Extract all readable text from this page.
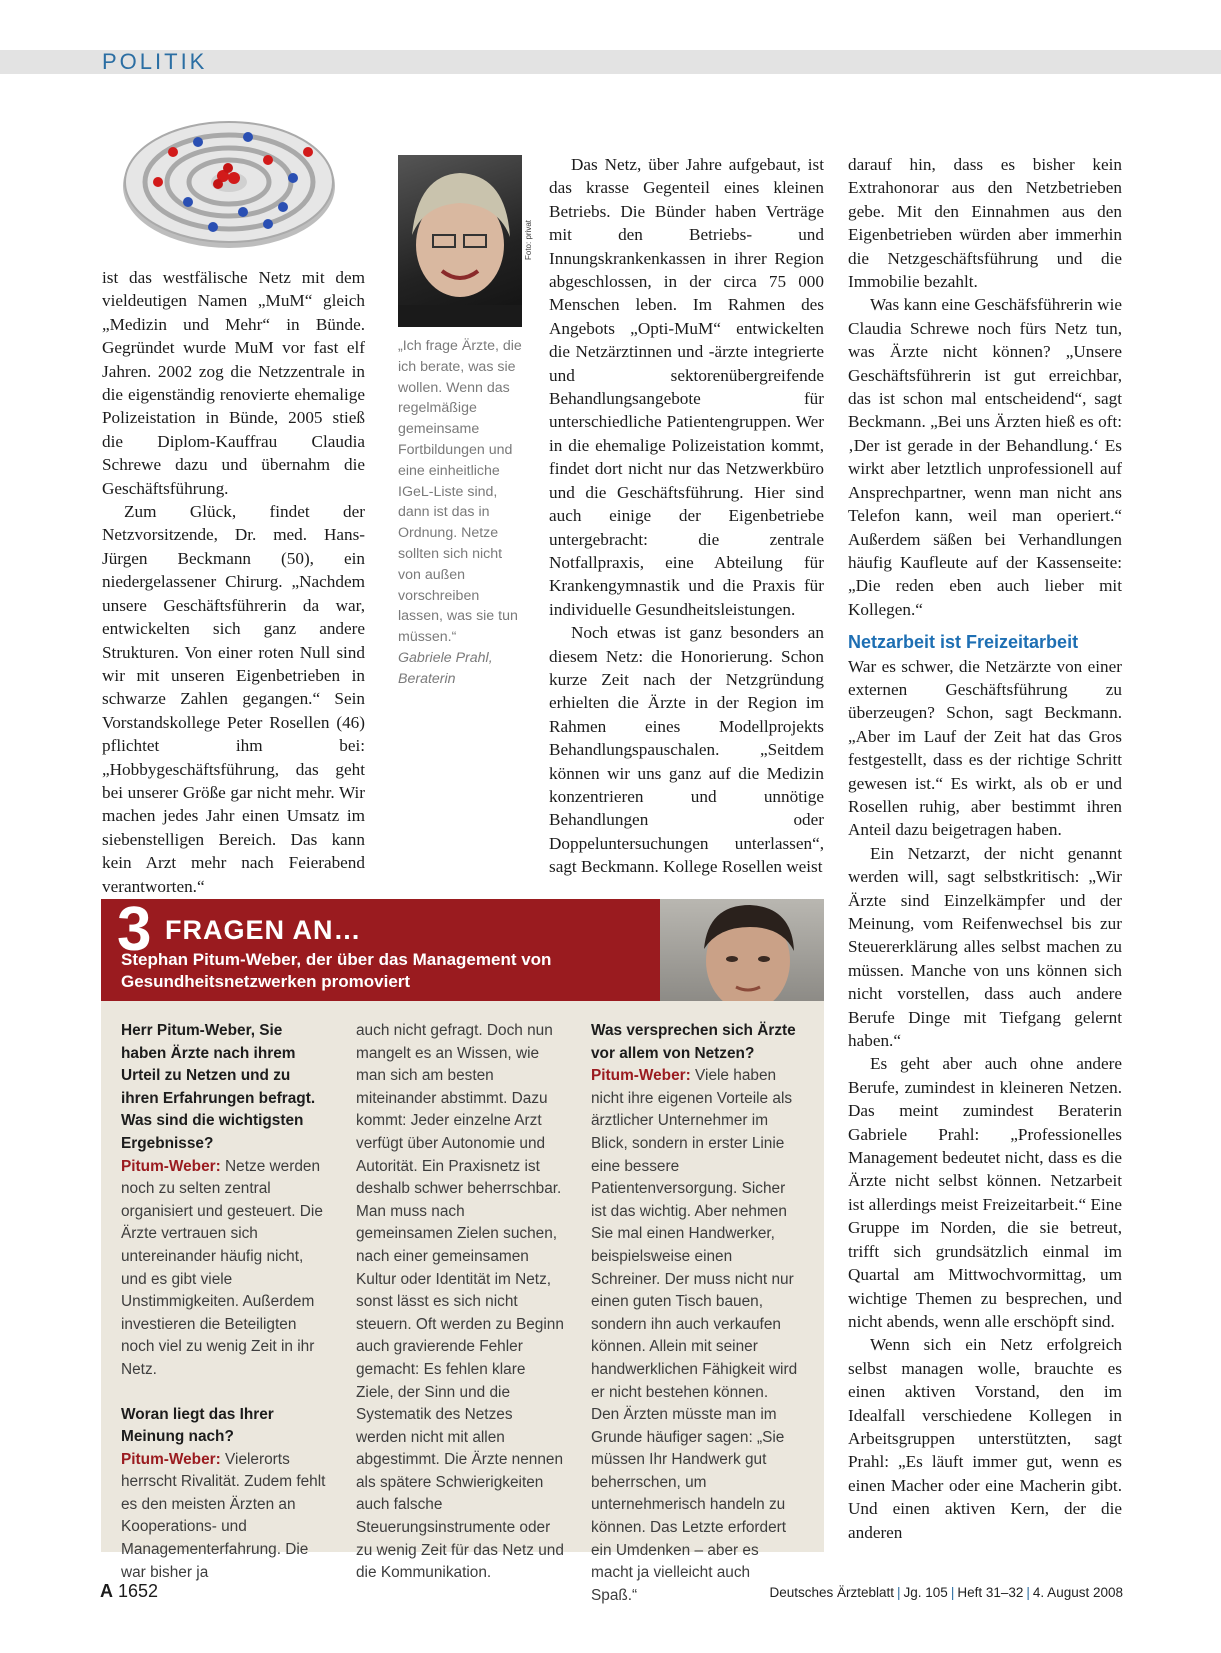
POLITIK

ist das westfälische Netz mit dem vieldeutigen Namen „MuM“ gleich „Medizin und Mehr“ in Bünde. Gegründet wurde MuM vor fast elf Jahren. 2002 zog die Netzzentrale in die eigenständig renovierte ehemalige Polizeistation in Bünde, 2005 stieß die Diplom-Kauffrau Claudia Schrewe dazu und übernahm die Geschäftsführung.

Zum Glück, findet der Netzvorsitzende, Dr. med. Hans-Jürgen Beckmann (50), ein niedergelassener Chirurg. „Nachdem unsere Geschäftsführerin da war, entwickelten sich ganz andere Strukturen. Von einer roten Null sind wir mit unseren Eigenbetrieben in schwarze Zahlen gegangen.“ Sein Vorstandskollege Peter Rosellen (46) pflichtet ihm bei: „Hobbygeschäftsführung, das geht bei unserer Größe gar nicht mehr. Wir machen jedes Jahr einen Umsatz im siebenstelligen Bereich. Das kann kein Arzt mehr nach Feierabend verantworten.“

Foto: privat
„Ich frage Ärzte, die ich berate, was sie wollen. Wenn das regelmäßige gemeinsame Fortbildungen und eine einheitliche IGeL-Liste sind, dann ist das in Ordnung. Netze sollten sich nicht von außen vorschreiben lassen, was sie tun müssen.“
Gabriele Prahl, Beraterin

Das Netz, über Jahre aufgebaut, ist das krasse Gegenteil eines kleinen Betriebs. Die Bünder haben Verträge mit den Betriebs- und Innungskrankenkassen in ihrer Region abgeschlossen, in der circa 75 000 Menschen leben. Im Rahmen des Angebots „Opti-MuM“ entwickelten die Netzärztinnen und -ärzte integrierte und sektorenübergreifende Behandlungsangebote für unterschiedliche Patientengruppen. Wer in die ehemalige Polizeistation kommt, findet dort nicht nur das Netzwerkbüro und die Geschäftsführung. Hier sind auch einige der Eigenbetriebe untergebracht: die zentrale Notfallpraxis, eine Abteilung für Krankengymnastik und die Praxis für individuelle Gesundheitsleistungen.

Noch etwas ist ganz besonders an diesem Netz: die Honorierung. Schon kurze Zeit nach der Netzgründung erhielten die Ärzte in der Region im Rahmen eines Modellprojekts Behandlungspauschalen. „Seitdem können wir uns ganz auf die Medizin konzentrieren und unnötige Behandlungen oder Doppeluntersuchungen unterlassen“, sagt Beckmann. Kollege Rosellen weist

darauf hin, dass es bisher kein Extrahonorar aus den Netzbetrieben gebe. Mit den Einnahmen aus den Eigenbetrieben würden aber immerhin die Netzgeschäftsführung und die Immobilie bezahlt.

Was kann eine Geschäfsführerin wie Claudia Schrewe noch fürs Netz tun, was Ärzte nicht können? „Unsere Geschäftsführerin ist gut erreichbar, das ist schon mal entscheidend“, sagt Beckmann. „Bei uns Ärzten hieß es oft: ‚Der ist gerade in der Behandlung.‘ Es wirkt aber letztlich unprofessionell auf Ansprechpartner, wenn man nicht ans Telefon kann, weil man operiert.“ Außerdem säßen bei Verhandlungen häufig Kaufleute auf der Kassenseite: „Die reden eben auch lieber mit Kollegen.“

Netzarbeit ist Freizeitarbeit

War es schwer, die Netzärzte von einer externen Geschäftsführung zu überzeugen? Schon, sagt Beckmann. „Aber im Lauf der Zeit hat das Gros festgestellt, dass es der richtige Schritt gewesen ist.“ Es wirkt, als ob er und Rosellen ruhig, aber bestimmt ihren Anteil dazu beigetragen haben.

Ein Netzarzt, der nicht genannt werden will, sagt selbstkritisch: „Wir Ärzte sind Einzelkämpfer und der Meinung, vom Reifenwechsel bis zur Steuererklärung alles selbst machen zu müssen. Manche von uns können sich nicht vorstellen, dass auch andere Berufe Dinge mit Tiefgang gelernt haben.“

Es geht aber auch ohne andere Berufe, zumindest in kleineren Netzen. Das meint zumindest Beraterin Gabriele Prahl: „Professionelles Management bedeutet nicht, dass es die Ärzte nicht selbst können. Netzarbeit ist allerdings meist Freizeitarbeit.“ Eine Gruppe im Norden, die sie betreut, trifft sich grundsätzlich einmal im Quartal am Mittwochvormittag, um wichtige Themen zu besprechen, und nicht abends, wenn alle erschöpft sind.

Wenn sich ein Netz erfolgreich selbst managen wolle, brauchte es einen aktiven Vorstand, den im Idealfall verschiedene Kollegen in Arbeitsgruppen unterstützten, sagt Prahl: „Es läuft immer gut, wenn es einen Macher oder eine Macherin gibt. Und einen aktiven Kern, der die anderen

3 FRAGEN AN…
Stephan Pitum-Weber, der über das Management von Gesundheitsnetzwerken promoviert

Herr Pitum-Weber, Sie haben Ärzte nach ihrem Urteil zu Netzen und zu ihren Erfahrungen befragt. Was sind die wichtigsten Ergebnisse?

Pitum-Weber: Netze werden noch zu selten zentral organisiert und gesteuert. Die Ärzte vertrauen sich untereinander häufig nicht, und es gibt viele Unstimmigkeiten. Außerdem investieren die Beteiligten noch viel zu wenig Zeit in ihr Netz.

Woran liegt das Ihrer Meinung nach?

Pitum-Weber: Vielerorts herrscht Rivalität. Zudem fehlt es den meisten Ärzten an Kooperations- und Managementerfahrung. Die war bisher ja

auch nicht gefragt. Doch nun mangelt es an Wissen, wie man sich am besten miteinander abstimmt. Dazu kommt: Jeder einzelne Arzt verfügt über Autonomie und Autorität. Ein Praxisnetz ist deshalb schwer beherrschbar. Man muss nach gemeinsamen Zielen suchen, nach einer gemeinsamen Kultur oder Identität im Netz, sonst lässt es sich nicht steuern. Oft werden zu Beginn auch gravierende Fehler gemacht: Es fehlen klare Ziele, der Sinn und die Systematik des Netzes werden nicht mit allen abgestimmt. Die Ärzte nennen als spätere Schwierigkeiten auch falsche Steuerungsinstrumente oder zu wenig Zeit für das Netz und die Kommunikation.

Was versprechen sich Ärzte vor allem von Netzen?

Pitum-Weber: Viele haben nicht ihre eigenen Vorteile als ärztlicher Unternehmer im Blick, sondern in erster Linie eine bessere Patientenversorgung. Sicher ist das wichtig. Aber nehmen Sie mal einen Handwerker, beispielsweise einen Schreiner. Der muss nicht nur einen guten Tisch bauen, sondern ihn auch verkaufen können. Allein mit seiner handwerklichen Fähigkeit wird er nicht bestehen können. Den Ärzten müsste man im Grunde häufiger sagen: „Sie müssen Ihr Handwerk gut beherrschen, um unternehmerisch handeln zu können. Das Letzte erfordert ein Umdenken – aber es macht ja vielleicht auch Spaß.“

A 1652	Deutsches Ärzteblatt | Jg. 105 | Heft 31–32 | 4. August 2008
